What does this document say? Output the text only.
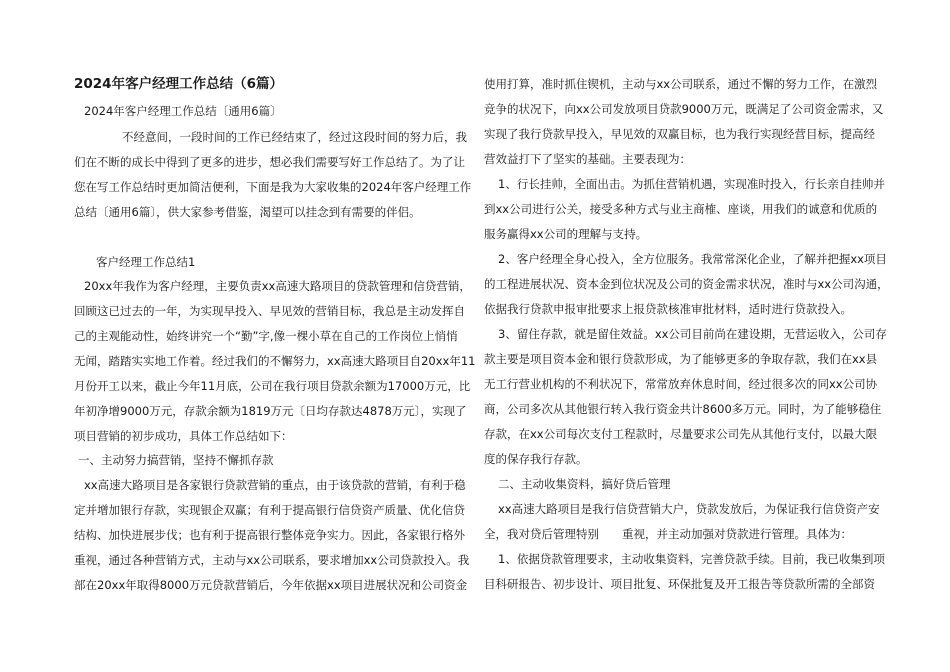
2024年客户经理工作总结（6篇）
2024年客户经理工作总结〔通用6篇〕
不经意间，一段时间的工作已经结束了，经过这段时间的努力后，我
们在不断的成长中得到了更多的进步，想必我们需要写好工作总结了。为了让
您在写工作总结时更加简洁便利，下面是我为大家收集的2024年客户经理工作
总结〔通用6篇〕，供大家参考借鉴，渴望可以挂念到有需要的伴侣。
客户经理工作总结1
20xx年我作为客户经理，主要负责xx高速大路项目的贷款管理和信贷营销，
回顾这已过去的一年，为实现早投入、早见效的营销目标，我总是主动发挥自
己的主观能动性，始终讲究一个“勤”字,像一棵小草在自己的工作岗位上悄悄
无闻，踏踏实实地工作着。经过我们的不懈努力，xx高速大路项目自20xx年11
月份开工以来，截止今年11月底，公司在我行项目贷款余额为17000万元，比
年初净增9000万元，存款余额为1819万元〔日均存款达4878万元〕，实现了
项目营销的初步成功，具体工作总结如下：
一、主动努力搞营销，坚持不懈抓存款
xx高速大路项目是各家银行贷款营销的重点，由于该贷款的营销，有利于稳
定并增加银行存款，实现银企双赢；有利于提高银行信贷资产质量、优化信贷
结构、加快进展步伐；也有利于提高银行整体竞争实力。因此，各家银行格外
重视，通过各种营销方式，主动与xx公司联系，要求增加xx公司贷款投入。我
部在20xx年取得8000万元贷款营销后，今年依据xx项目进展状况和公司资金
使用打算，准时抓住锲机，主动与xx公司联系，通过不懈的努力工作，在激烈
竞争的状况下，向xx公司发放项目贷款9000万元，既满足了公司资金需求，又
实现了我行贷款早投入，早见效的双赢目标，也为我行实现经营目标，提高经
营效益打下了坚实的基础。主要表现为：
1、行长挂帅，全面出击。为抓住营销机遇，实现准时投入，行长亲自挂帅并
到xx公司进行公关，接受多种方式与业主商榷、座谈，用我们的诚意和优质的
服务赢得xx公司的理解与支持。
2、客户经理全身心投入，全方位服务。我常常深化企业，了解并把握xx项目
的工程进展状况、资本金到位状况及公司的资金需求状况，准时与xx公司沟通，
依据我行贷款申报审批要求上报贷款核准审批材料，适时进行贷款投入。
3、留住存款，就是留住效益。xx公司目前尚在建设期，无营运收入，公司存
款主要是项目资本金和银行贷款形成，为了能够更多的争取存款，我们在xx县
无工行营业机构的不利状况下，常常放弃休息时间，经过很多次的同xx公司协
商，公司多次从其他银行转入我行资金共计8600多万元。同时，为了能够稳住
存款，在xx公司每次支付工程款时，尽量要求公司先从其他行支付，以最大限
度的保存我行存款。
二、主动收集资料，搞好贷后管理
xx高速大路项目是我行信贷营销大户，贷款发放后，为保证我行信贷资产安
全，我对贷后管理特别　　重视，并主动加强对贷款进行管理。具体为：
1、依据贷款管理要求，主动收集资料，完善贷款手续。目前，我已收集到项
目科研报告、初步设计、项目批复、环保批复及开工报告等贷款所需的全部资
